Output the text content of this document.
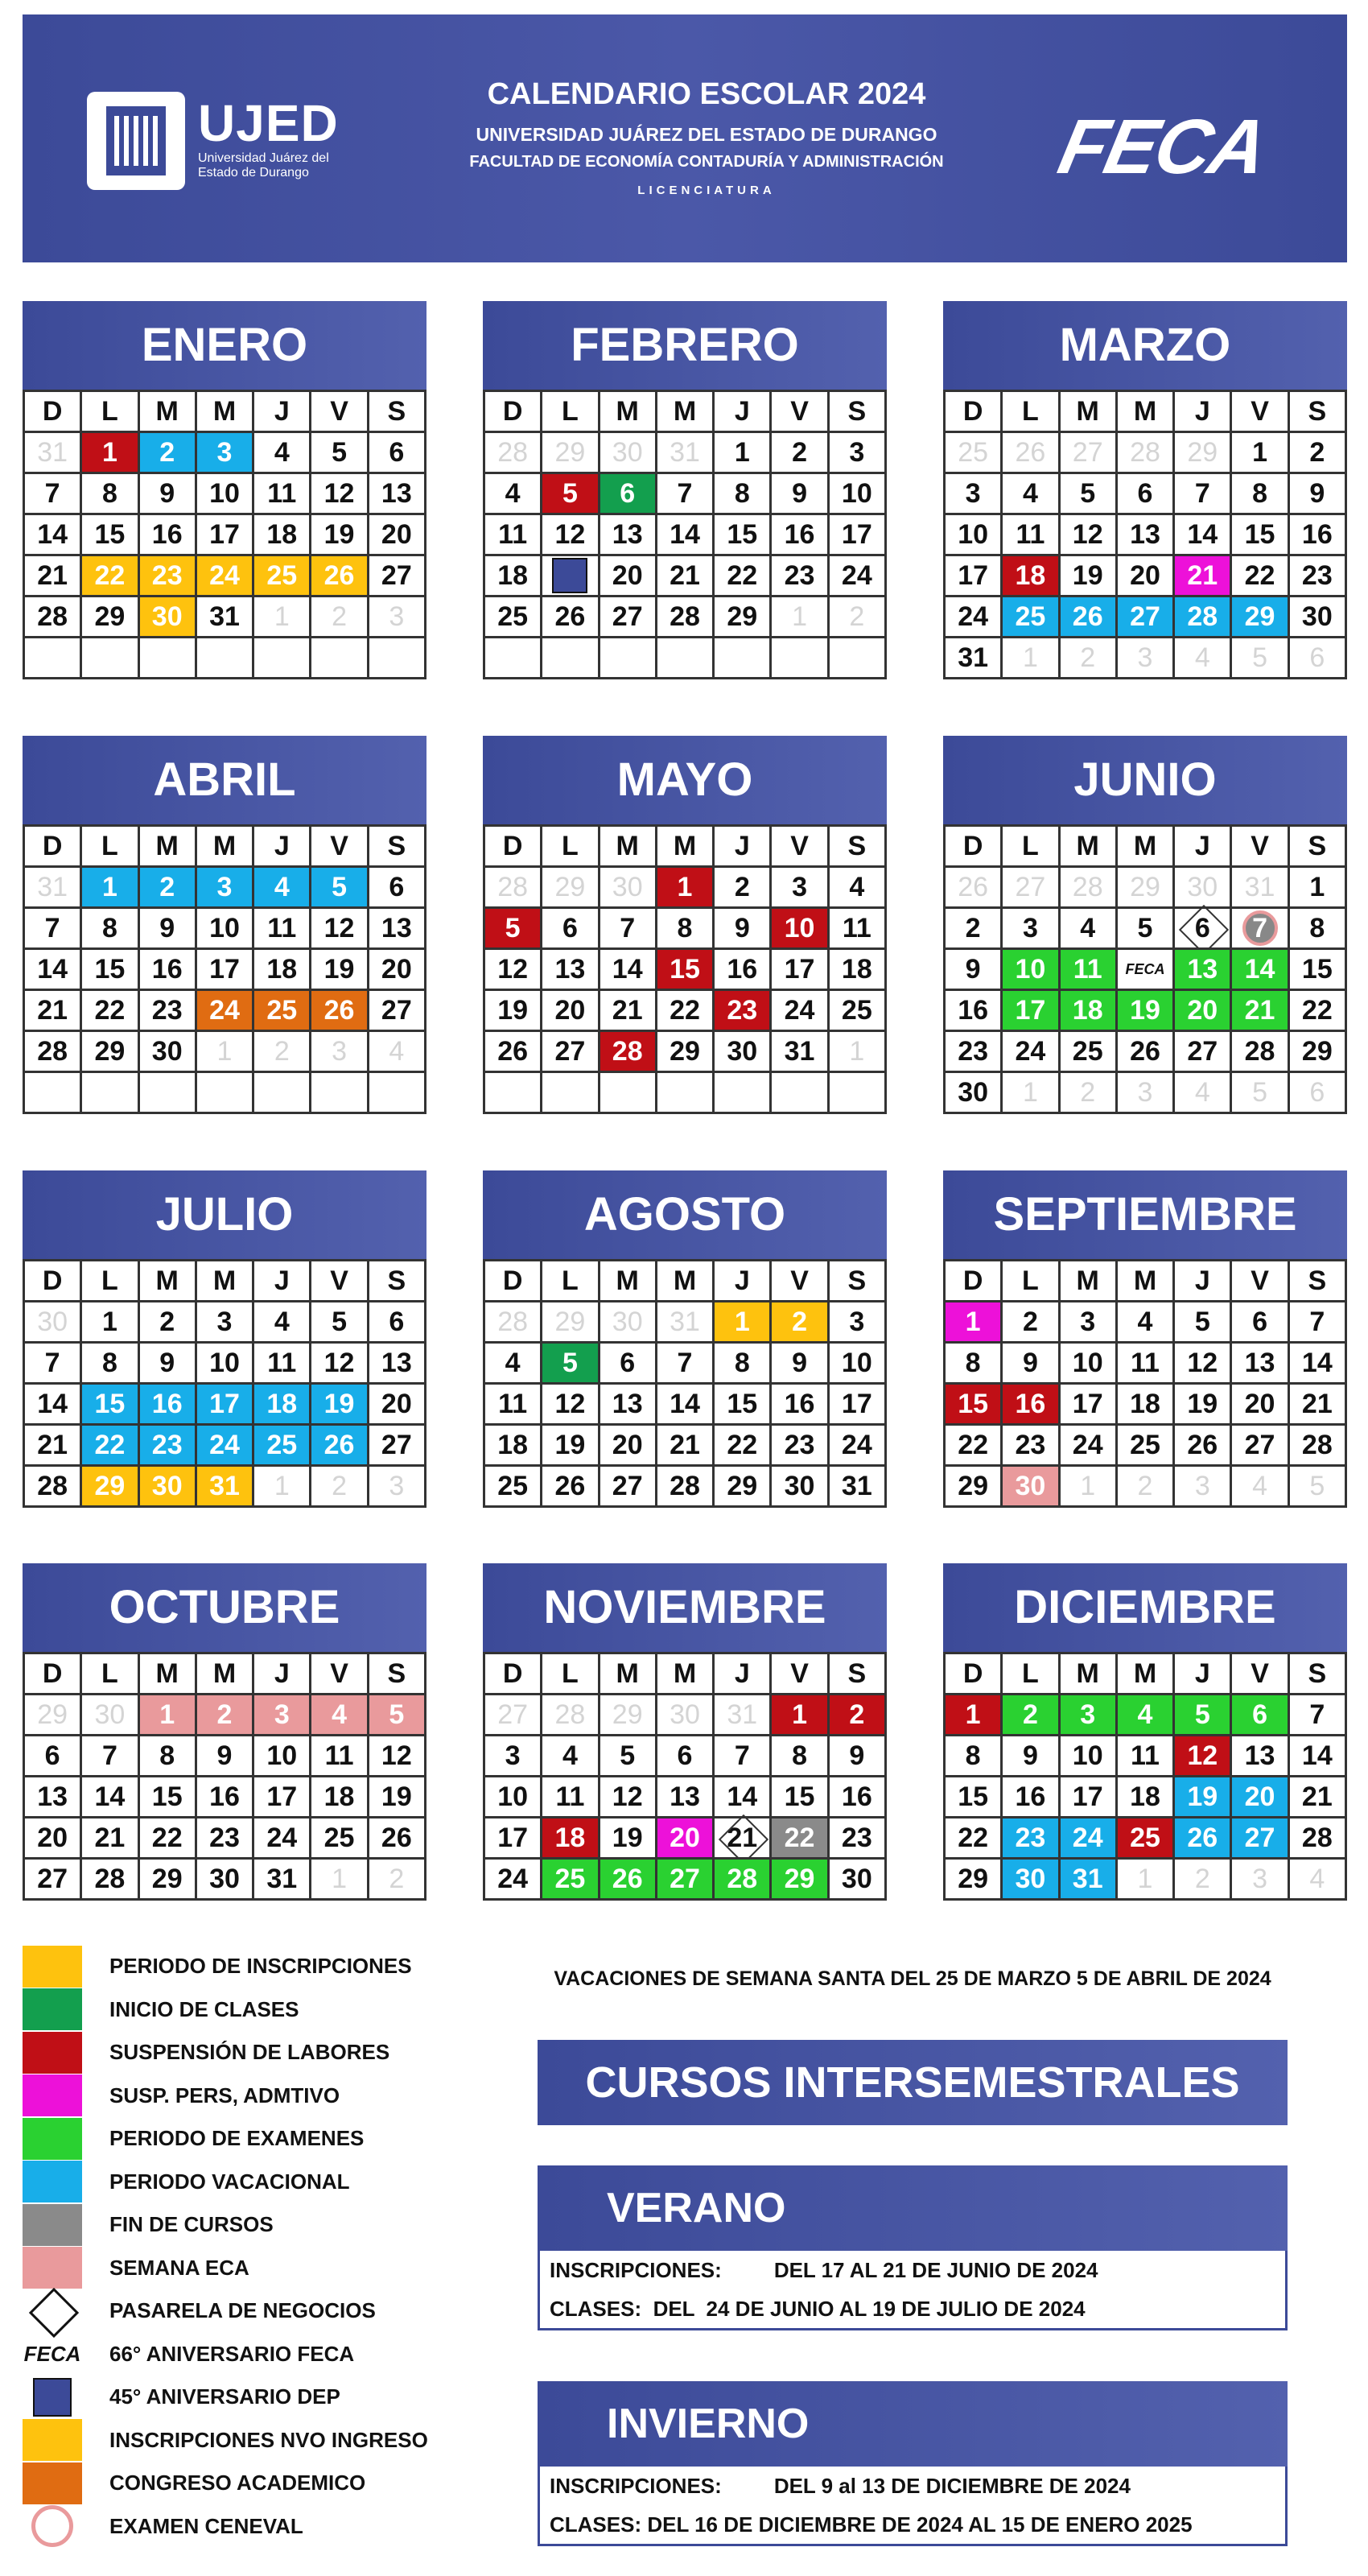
UJED
Universidad Juárez del Estado de Durango
CALENDARIO ESCOLAR 2024
UNIVERSIDAD JUÁREZ DEL ESTADO DE DURANGO
FACULTAD DE ECONOMÍA CONTADURÍA Y ADMINISTRACIÓN
LICENCIATURA
FECA
ENERO
D	L	M	M	J	V	S
31 1 2 3 4 5 6
7 8 9 10 11 12 13
14 15 16 17 18 19 20
21 22 23 24 25 26 27
28 29 30 31 1 2 3
FEBRERO
D	L	M	M	J	V	S
28 29 30 31 1 2 3
4 5 6 7 8 9 10
11 12 13 14 15 16 17
18	20 21 22 23 24
25 26 27 28 29 1 2
MARZO
D	L	M	M	J	V	S
25 26 27 28 29 1 2
3 4 5 6 7 8 9
10 11 12 13 14 15 16
17 18 19 20 21 22 23
24 25 26 27 28 29 30
31 1 2 3 4 5 6
ABRIL
D	L	M	M	J	V	S
31 1 2 3 4 5 6
7 8 9 10 11 12 13
14 15 16 17 18 19 20
21 22 23 24 25 26 27
28 29 30 1 2 3 4
MAYO
D	L	M	M	J	V	S
28 29 30 1 2 3 4
5 6 7 8 9 10 11
12 13 14 15 16 17 18
19 20 21 22 23 24 25
26 27 28 29 30 31 1
JUNIO
D	L	M	M	J	V	S
26 27 28 29 30 31 1
2 3 4 5 6 7 8
9 10 11 FECA 13 14 15
16 17 18 19 20 21 22
23 24 25 26 27 28 29
30 1 2 3 4 5 6
JULIO
D	L	M	M	J	V	S
30 1 2 3 4 5 6
7 8 9 10 11 12 13
14 15 16 17 18 19 20
21 22 23 24 25 26 27
28 29 30 31 1 2 3
AGOSTO
D	L	M	M	J	V	S
28 29 30 31 1 2 3
4 5 6 7 8 9 10
11 12 13 14 15 16 17
18 19 20 21 22 23 24
25 26 27 28 29 30 31
SEPTIEMBRE
D	L	M	M	J	V	S
1 2 3 4 5 6 7
8 9 10 11 12 13 14
15 16 17 18 19 20 21
22 23 24 25 26 27 28
29 30 1 2 3 4 5
OCTUBRE
D	L	M	M	J	V	S
29 30 1 2 3 4 5
6 7 8 9 10 11 12
13 14 15 16 17 18 19
20 21 22 23 24 25 26
27 28 29 30 31 1 2
NOVIEMBRE
D	L	M	M	J	V	S
27 28 29 30 31 1 2
3 4 5 6 7 8 9
10 11 12 13 14 15 16
17 18 19 20 21 22 23
24 25 26 27 28 29 30
DICIEMBRE
D	L	M	M	J	V	S
1 2 3 4 5 6 7
8 9 10 11 12 13 14
15 16 17 18 19 20 21
22 23 24 25 26 27 28
29 30 31 1 2 3 4
PERIODO DE INSCRIPCIONES
INICIO DE CLASES
SUSPENSIÓN DE LABORES
SUSP. PERS, ADMTIVO
PERIODO DE EXAMENES
PERIODO VACACIONAL
FIN DE CURSOS
SEMANA ECA
PASARELA DE NEGOCIOS
FECA 66° ANIVERSARIO FECA
45° ANIVERSARIO DEP
INSCRIPCIONES NVO INGRESO
CONGRESO ACADEMICO
EXAMEN CENEVAL
VACACIONES DE SEMANA SANTA DEL 25 DE MARZO 5 DE ABRIL DE 2024
CURSOS INTERSEMESTRALES
VERANO
INSCRIPCIONES:         DEL 17 AL 21 DE JUNIO DE 2024
CLASES:  DEL  24 DE JUNIO AL 19 DE JULIO DE 2024
INVIERNO
INSCRIPCIONES:         DEL 9 al 13 DE DICIEMBRE DE 2024
CLASES: DEL 16 DE DICIEMBRE DE 2024 AL 15 DE ENERO 2025
